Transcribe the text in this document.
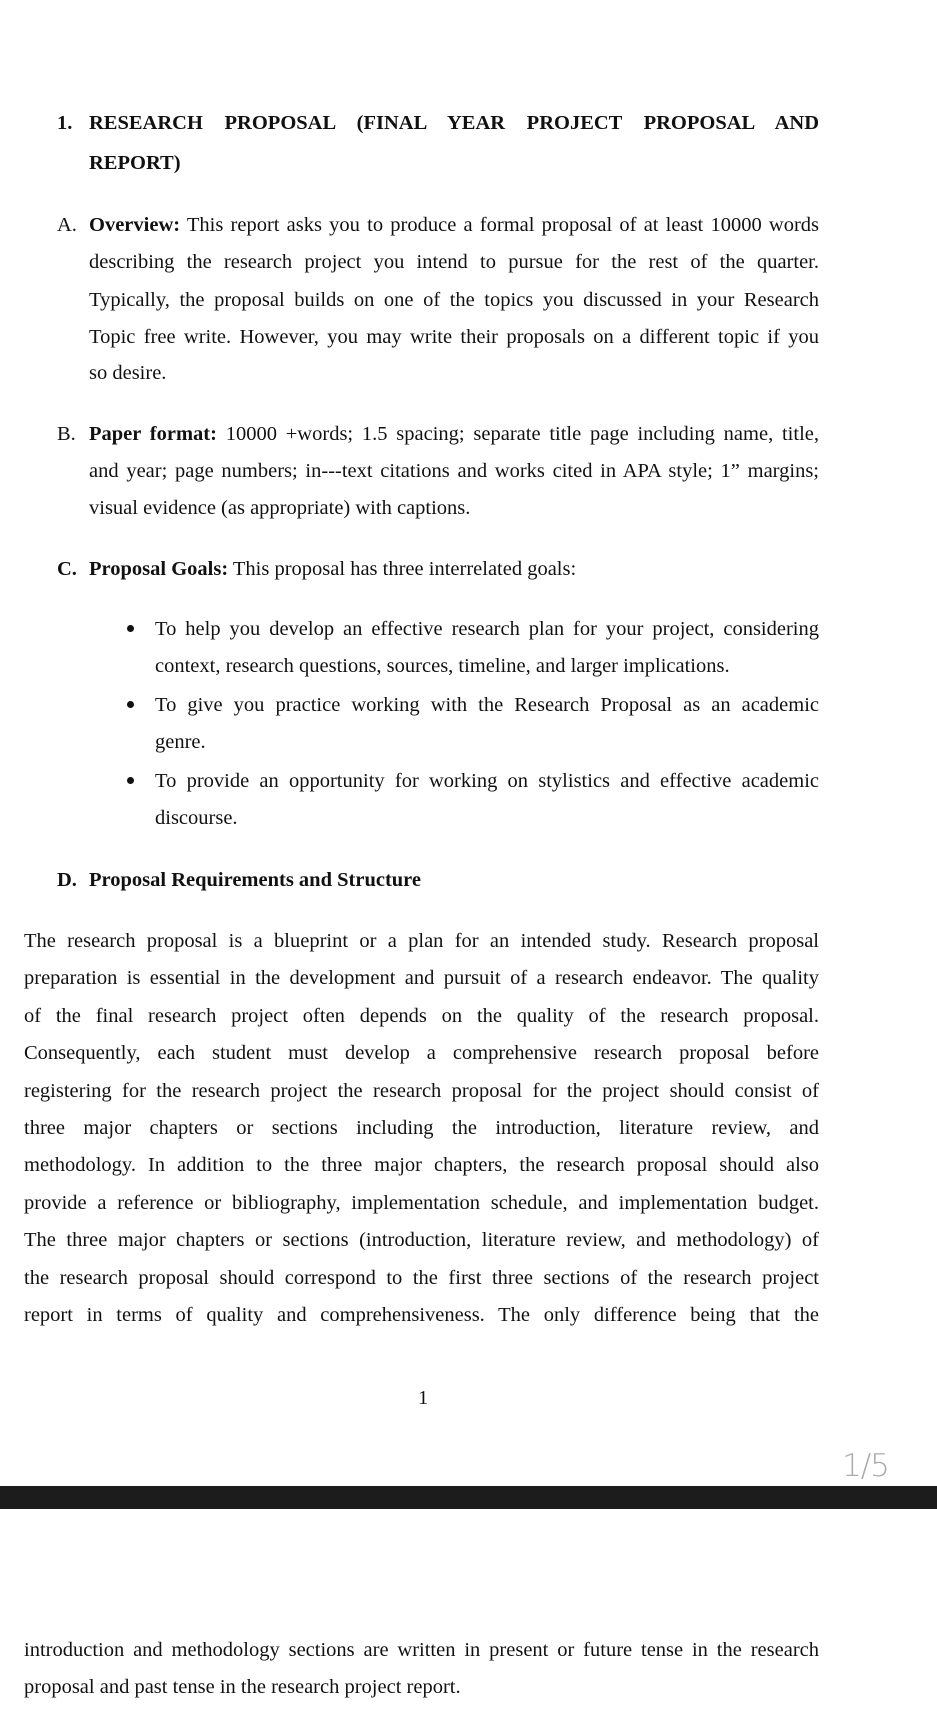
1. RESEARCH PROPOSAL (FINAL YEAR PROJECT PROPOSAL AND
REPORT)
A. Overview: This report asks you to produce a formal proposal of at least 10000 words
describing the research project you intend to pursue for the rest of the quarter.
Typically, the proposal builds on one of the topics you discussed in your Research
Topic free write. However, you may write their proposals on a different topic if you
so desire.
B. Paper format: 10000 +words; 1.5 spacing; separate title page including name, title,
and year; page numbers; in---text citations and works cited in APA style; 1” margins;
visual evidence (as appropriate) with captions.
C. Proposal Goals: This proposal has three interrelated goals:
To help you develop an effective research plan for your project, considering
context, research questions, sources, timeline, and larger implications.
To give you practice working with the Research Proposal as an academic
genre.
To provide an opportunity for working on stylistics and effective academic
discourse.
D. Proposal Requirements and Structure
The research proposal is a blueprint or a plan for an intended study. Research proposal
preparation is essential in the development and pursuit of a research endeavor. The quality
of the final research project often depends on the quality of the research proposal.
Consequently, each student must develop a comprehensive research proposal before
registering for the research project the research proposal for the project should consist of
three major chapters or sections including the introduction, literature review, and
methodology. In addition to the three major chapters, the research proposal should also
provide a reference or bibliography, implementation schedule, and implementation budget.
The three major chapters or sections (introduction, literature review, and methodology) of
the research proposal should correspond to the first three sections of the research project
report in terms of quality and comprehensiveness. The only difference being that the
1
1/5
introduction and methodology sections are written in present or future tense in the research
proposal and past tense in the research project report.
